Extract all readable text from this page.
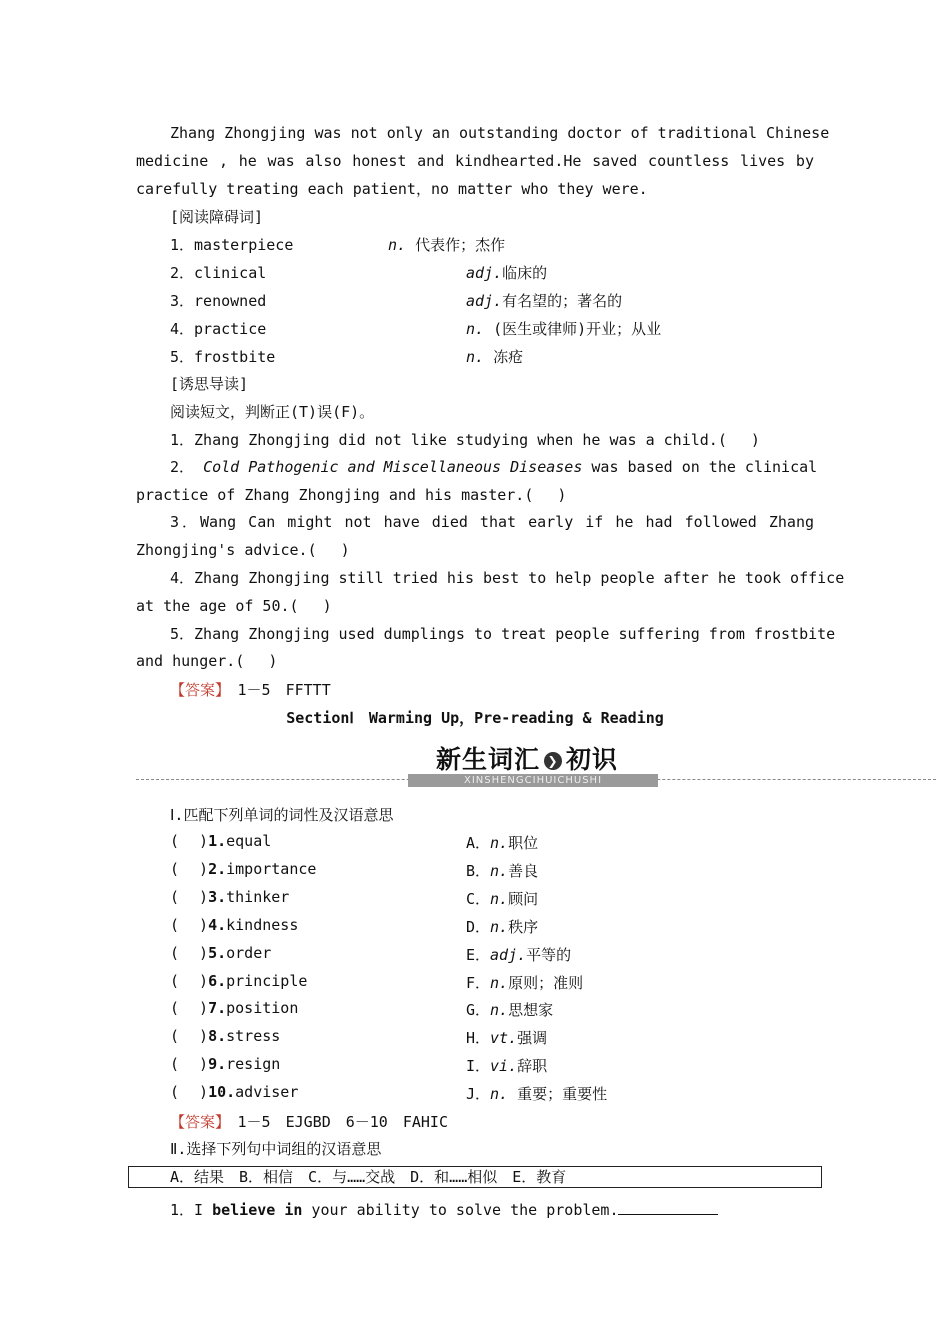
Zhang Zhongjing was not only an outstanding doctor of traditional Chinese
medicine , he was also honest and kindhearted.He saved countless lives by
carefully treating each patient，no matter who they were.
[阅读障碍词]
1．masterpiece	n. 代表作；杰作
2．clinical	adj.临床的
3．renowned	adj.有名望的；著名的
4．practice	n. (医生或律师)开业；从业
5．frostbite	n. 冻疮
[诱思导读]
阅读短文，判断正(T)误(F)。
1．Zhang Zhongjing did not like studying when he was a child.(　 )
2． Cold Pathogenic and Miscellaneous Diseases was based on the clinical
practice of Zhang Zhongjing and his master.(　 )
3．Wang Can might not have died that early if he had followed Zhang
Zhongjing's advice.(　 )
4．Zhang Zhongjing still tried his best to help people after he took office
at the age of 50.(　 )
5．Zhang Zhongjing used dumplings to treat people suffering from frostbite
and hunger.(　 )
【答案】　 1－5　FFTTT
SectionⅠ　Warming Up，Pre-reading & Reading
新生词汇 ❯ 初识
XINSHENGCIHUICHUSHI
Ⅰ.匹配下列单词的词性及汉语意思
( )1.equal	A．n.职位
( )2.importance	B．n.善良
( )3.thinker	C．n.顾问
( )4.kindness	D．n.秩序
( )5.order	E．adj.平等的
( )6.principle	F．n.原则；准则
( )7.position	G．n.思想家
( )8.stress	H．vt.强调
( )9.resign	I．vi.辞职
( )10.adviser	J．n. 重要；重要性
【答案】　 1－5　EJGBD　6－10　FAHIC
Ⅱ.选择下列句中词组的汉语意思
A．结果　B．相信　C．与……交战　D．和……相似　E．教育
1．I believe in your ability to solve the problem.
